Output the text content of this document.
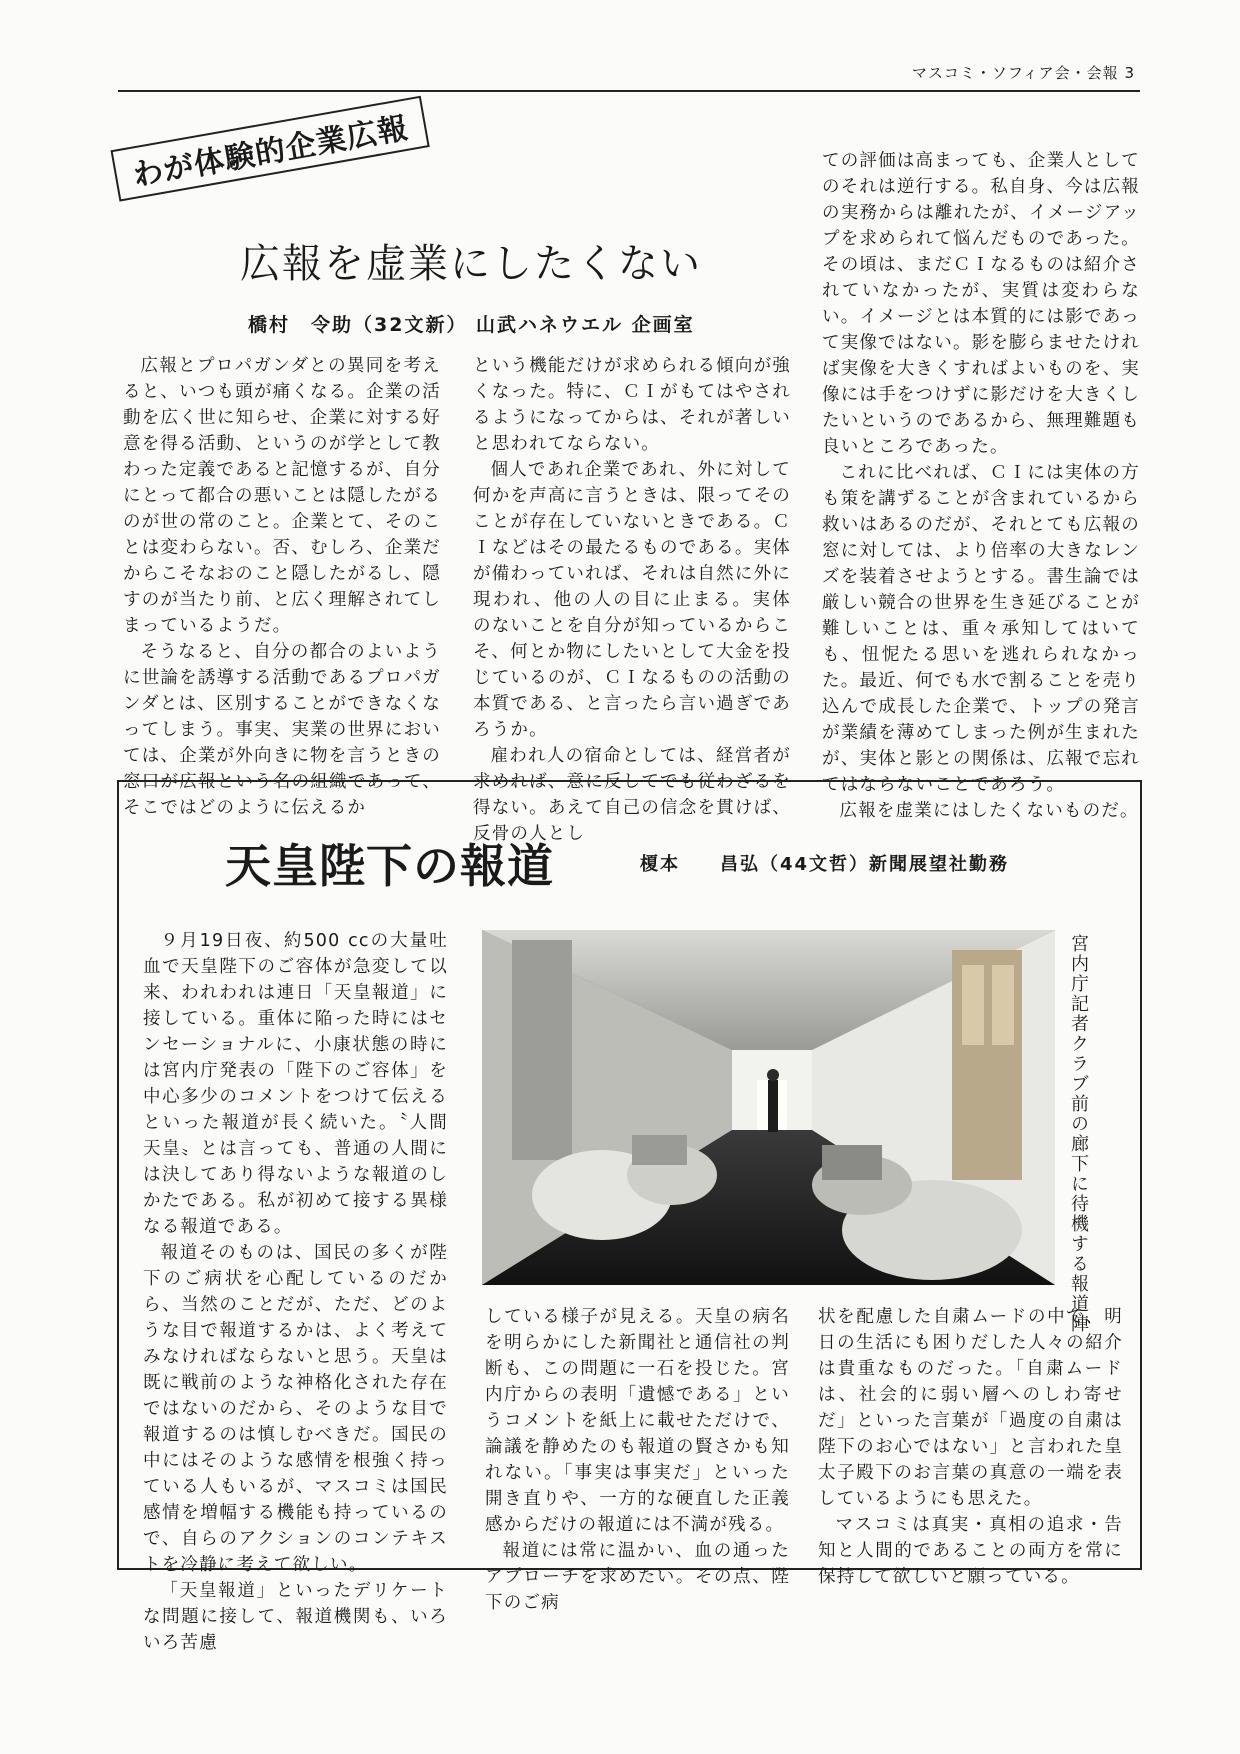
マスコミ・ソフィア会・会報 3
わが体験的企業広報
広報を虚業にしたくない
橋村　令助（32文新） 山武ハネウエル 企画室

広報とプロパガンダとの異同を考えると、いつも頭が痛くなる。企業の活動を広く世に知らせ、企業に対する好意を得る活動、というのが学として教わった定義であると記憶するが、自分にとって都合の悪いことは隠したがるのが世の常のこと。企業とて、そのことは変わらない。否、むしろ、企業だからこそなおのこと隠したがるし、隠すのが当たり前、と広く理解されてしまっているようだ。

そうなると、自分の都合のよいように世論を誘導する活動であるプロパガンダとは、区別することができなくなってしまう。事実、実業の世界においては、企業が外向きに物を言うときの窓口が広報という名の組織であって、そこではどのように伝えるか

という機能だけが求められる傾向が強くなった。特に、ＣＩがもてはやされるようになってからは、それが著しいと思われてならない。

個人であれ企業であれ、外に対して何かを声高に言うときは、限ってそのことが存在していないときである。ＣＩなどはその最たるものである。実体が備わっていれば、それは自然に外に現われ、他の人の目に止まる。実体のないことを自分が知っているからこそ、何とか物にしたいとして大金を投じているのが、ＣＩなるものの活動の本質である、と言ったら言い過ぎであろうか。

雇われ人の宿命としては、経営者が求めれば、意に反してでも従わざるを得ない。あえて自己の信念を貫けば、反骨の人とし

ての評価は高まっても、企業人としてのそれは逆行する。私自身、今は広報の実務からは離れたが、イメージアップを求められて悩んだものであった。その頃は、まだＣＩなるものは紹介されていなかったが、実質は変わらない。イメージとは本質的には影であって実像ではない。影を膨らませたければ実像を大きくすればよいものを、実像には手をつけずに影だけを大きくしたいというのであるから、無理難題も良いところであった。

これに比べれば、ＣＩには実体の方も策を講ずることが含まれているから救いはあるのだが、それとても広報の窓に対しては、より倍率の大きなレンズを装着させようとする。書生論では厳しい競合の世界を生き延びることが難しいことは、重々承知してはいても、忸怩たる思いを逃れられなかった。最近、何でも水で割ることを売り込んで成長した企業で、トップの発言が業績を薄めてしまった例が生まれたが、実体と影との関係は、広報で忘れてはならないことであろう。

広報を虚業にはしたくないものだ。

天皇陛下の報道	榎本　　昌弘（44文哲）新聞展望社勤務

９月19日夜、約500 ccの大量吐血で天皇陛下のご容体が急変して以来、われわれは連日「天皇報道」に接している。重体に陥った時にはセンセーショナルに、小康状態の時には宮内庁発表の「陛下のご容体」を中心多少のコメントをつけて伝えるといった報道が長く続いた。〝人間天皇〟とは言っても、普通の人間には決してあり得ないような報道のしかたである。私が初めて接する異様なる報道である。

報道そのものは、国民の多くが陛下のご病状を心配しているのだから、当然のことだが、ただ、どのような目で報道するかは、よく考えてみなければならないと思う。天皇は既に戦前のような神格化された存在ではないのだから、そのような目で報道するのは慎しむべきだ。国民の中にはそのような感情を根強く持っている人もいるが、マスコミは国民感情を増幅する機能も持っているので、自らのアクションのコンテキストを冷静に考えて欲しい。

「天皇報道」といったデリケートな問題に接して、報道機関も、いろいろ苦慮

宮内庁記者クラブ前の廊下に待機する報道陣

している様子が見える。天皇の病名を明らかにした新聞社と通信社の判断も、この問題に一石を投じた。宮内庁からの表明「遺憾である」というコメントを紙上に載せただけで、論議を静めたのも報道の賢さかも知れない。「事実は事実だ」といった開き直りや、一方的な硬直した正義感からだけの報道には不満が残る。

報道には常に温かい、血の通ったアプローチを求めたい。その点、陛下のご病

状を配慮した自粛ムードの中で、明日の生活にも困りだした人々の紹介は貴重なものだった。「自粛ムードは、社会的に弱い層へのしわ寄せだ」といった言葉が「過度の自粛は陛下のお心ではない」と言われた皇太子殿下のお言葉の真意の一端を表しているようにも思えた。

マスコミは真実・真相の追求・告知と人間的であることの両方を常に保持して欲しいと願っている。
